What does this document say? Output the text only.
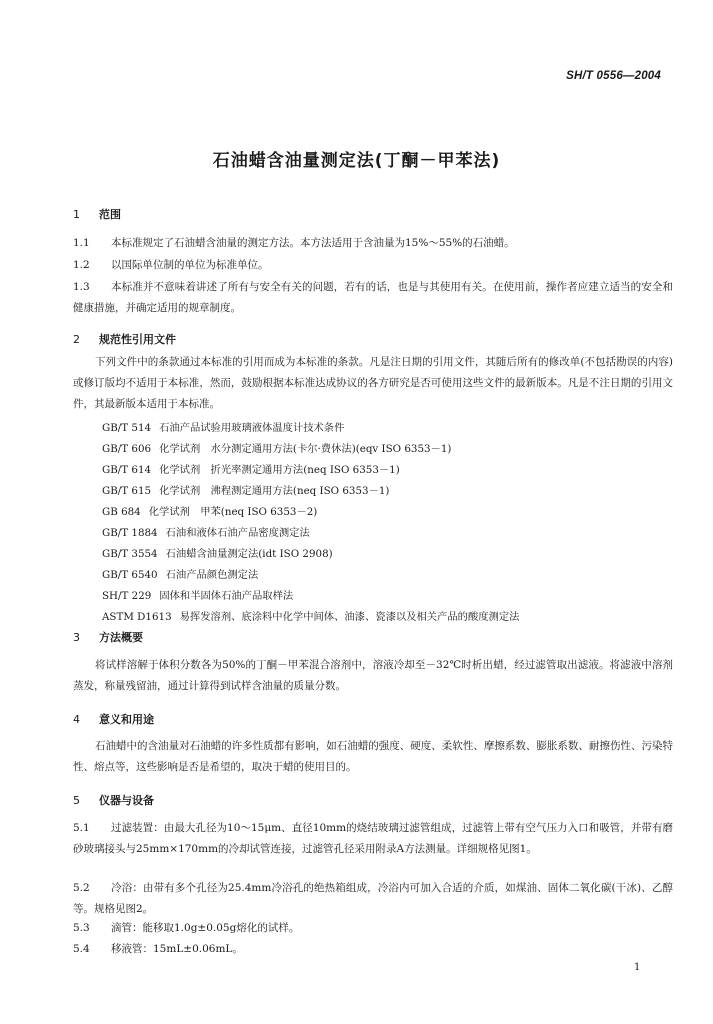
SH/T 0556—2004
石油蜡含油量测定法(丁酮－甲苯法)
1 范围

1.1 本标准规定了石油蜡含油量的测定方法。本方法适用于含油量为15%～55%的石油蜡。

1.2 以国际单位制的单位为标准单位。

1.3 本标准并不意味着讲述了所有与安全有关的问题，若有的话，也是与其使用有关。在使用前，操作者应建立适当的安全和健康措施，并确定适用的规章制度。

2 规范性引用文件

下列文件中的条款通过本标准的引用而成为本标准的条款。凡是注日期的引用文件，其随后所有的修改单(不包括勘误的内容)或修订版均不适用于本标准，然而，鼓励根据本标准达成协议的各方研究是否可使用这些文件的最新版本。凡是不注日期的引用文件，其最新版本适用于本标准。

GB/T 514 石油产品试验用玻璃液体温度计技术条件
GB/T 606 化学试剂　水分测定通用方法(卡尔·费休法)(eqv ISO 6353－1)
GB/T 614 化学试剂　折光率测定通用方法(neq ISO 6353－1)
GB/T 615 化学试剂　沸程测定通用方法(neq ISO 6353－1)
GB 684 化学试剂　甲苯(neq ISO 6353－2)
GB/T 1884 石油和液体石油产品密度测定法
GB/T 3554 石油蜡含油量测定法(idt ISO 2908)
GB/T 6540 石油产品颜色测定法
SH/T 229 固体和半固体石油产品取样法
ASTM D1613 易挥发溶剂、底涂料中化学中间体、油漆、瓷漆以及相关产品的酸度测定法
3 方法概要

将试样溶解于体积分数各为50%的丁酮－甲苯混合溶剂中，溶液冷却至－32℃时析出蜡，经过滤管取出滤液。将滤液中溶剂蒸发，称量残留油，通过计算得到试样含油量的质量分数。

4 意义和用途

石油蜡中的含油量对石油蜡的许多性质都有影响，如石油蜡的强度、硬度、柔软性、摩擦系数、膨胀系数、耐擦伤性、污染特性、熔点等，这些影响是否是希望的，取决于蜡的使用目的。

5 仪器与设备

5.1 过滤装置：由最大孔径为10～15μm、直径10mm的烧结玻璃过滤管组成，过滤管上带有空气压力入口和吸管，并带有磨砂玻璃接头与25mm×170mm的冷却试管连接，过滤管孔径采用附录A方法测量。详细规格见图1。

5.2 冷浴：由带有多个孔径为25.4mm冷浴孔的绝热箱组成，冷浴内可加入合适的介质，如煤油、固体二氧化碳(干冰)、乙醇等。规格见图2。

5.3 滴管：能移取1.0g±0.05g熔化的试样。

5.4 移液管：15mL±0.06mL。

1
